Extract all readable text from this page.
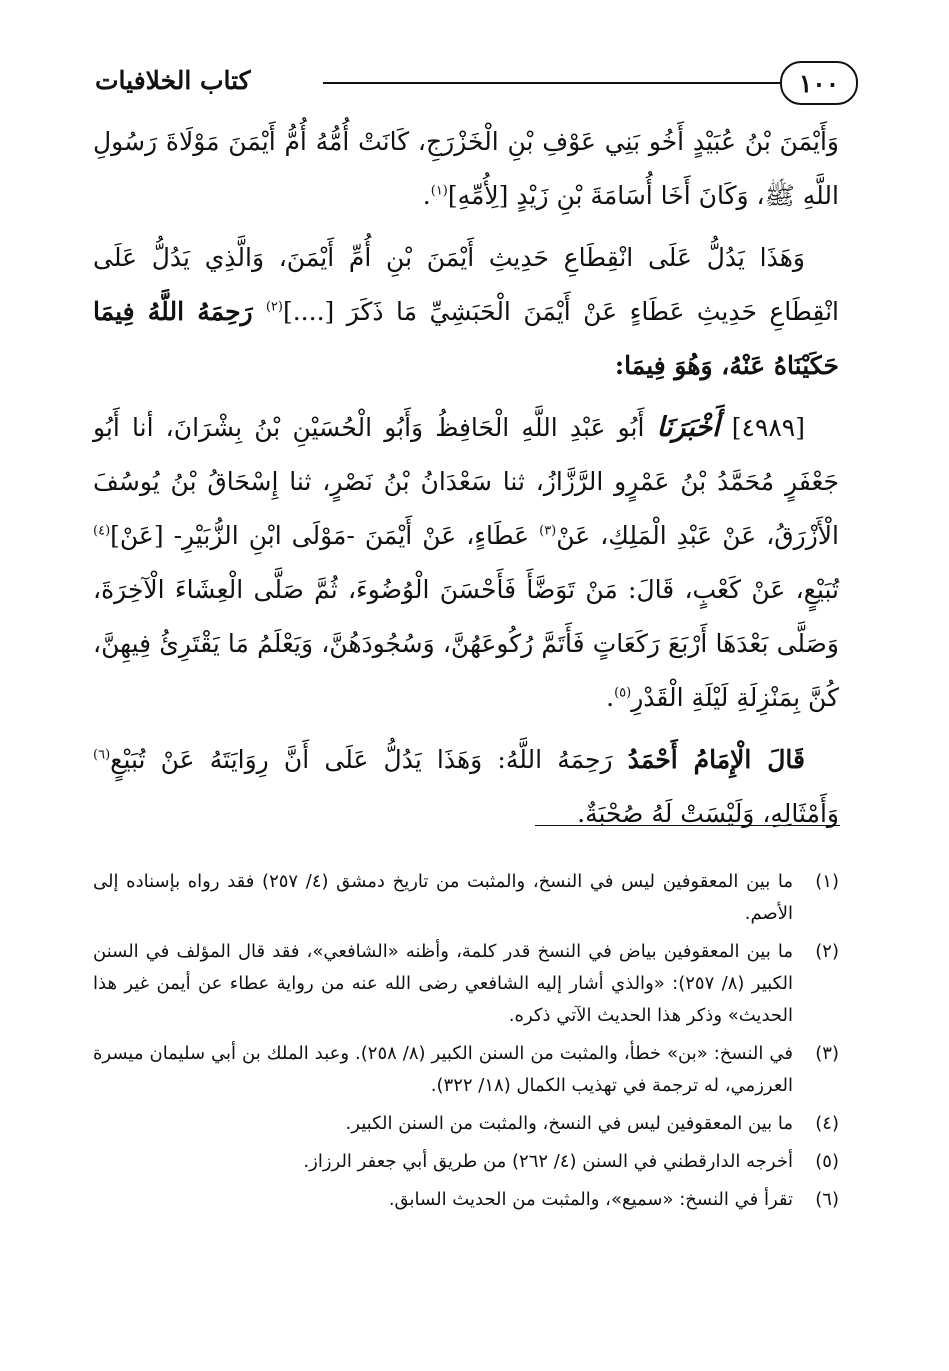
كتاب الخلافيات	١٠٠

وَأَيْمَنَ بْنُ عُبَيْدٍ أَخُو بَنِي عَوْفِ بْنِ الْخَزْرَجِ، كَانَتْ أُمُّهُ أُمُّ أَيْمَنَ مَوْلَاةَ رَسُولِ اللَّهِ ﷺ، وَكَانَ أَخَا أُسَامَةَ بْنِ زَيْدٍ [لِأُمِّهِ]$^{(١)}$.

وَهَذَا يَدُلُّ عَلَى انْقِطَاعِ حَدِيثِ أَيْمَنَ بْنِ أُمِّ أَيْمَنَ، وَالَّذِي يَدُلُّ عَلَى انْقِطَاعِ حَدِيثِ عَطَاءٍ عَنْ أَيْمَنَ الْحَبَشِيِّ مَا ذَكَرَ [....]$^{(٢)}$ رَحِمَهُ اللَّهُ فِيمَا حَكَيْنَاهُ عَنْهُ، وَهُوَ فِيمَا:

[٤٩٨٩] أَخْبَرَنَا أَبُو عَبْدِ اللَّهِ الْحَافِظُ وَأَبُو الْحُسَيْنِ بْنُ بِشْرَانَ، أنا أَبُو جَعْفَرٍ مُحَمَّدُ بْنُ عَمْرٍو الرَّزَّازُ، ثنا سَعْدَانُ بْنُ نَصْرٍ، ثنا إِسْحَاقُ بْنُ يُوسُفَ الْأَزْرَقُ، عَنْ عَبْدِ الْمَلِكِ، عَنْ$^{(٣)}$ عَطَاءٍ، عَنْ أَيْمَنَ -مَوْلَى ابْنِ الزُّبَيْرِ- [عَنْ]$^{(٤)}$ تُبَيْعٍ، عَنْ كَعْبٍ، قَالَ: مَنْ تَوَضَّأَ فَأَحْسَنَ الْوُضُوءَ، ثُمَّ صَلَّى الْعِشَاءَ الْآخِرَةَ، وَصَلَّى بَعْدَهَا أَرْبَعَ رَكَعَاتٍ فَأَتَمَّ رُكُوعَهُنَّ، وَسُجُودَهُنَّ، وَيَعْلَمُ مَا يَقْتَرِئُ فِيهِنَّ، كُنَّ بِمَنْزِلَةِ لَيْلَةِ الْقَدْرِ$^{(٥)}$.

قَالَ الْإِمَامُ أَحْمَدُ رَحِمَهُ اللَّهُ: وَهَذَا يَدُلُّ عَلَى أَنَّ رِوَايَتَهُ عَنْ تُبَيْعٍ$^{(٦)}$ وَأَمْثَالِهِ، وَلَيْسَتْ لَهُ صُحْبَةٌ.

(١)
ما بين المعقوفين ليس في النسخ، والمثبت من تاريخ دمشق (٤/ ٢٥٧) فقد رواه بإسناده إلى الأصم.
(٢)
ما بين المعقوفين بياض في النسخ قدر كلمة، وأظنه «الشافعي»، فقد قال المؤلف في السنن الكبير (٨/ ٢٥٧): «والذي أشار إليه الشافعي رضى الله عنه من رواية عطاء عن أيمن غير هذا الحديث» وذكر هذا الحديث الآتي ذكره.
(٣)
في النسخ: «بن» خطأ، والمثبت من السنن الكبير (٨/ ٢٥٨). وعبد الملك بن أبي سليمان ميسرة العرزمي، له ترجمة في تهذيب الكمال (١٨/ ٣٢٢).
(٤)
ما بين المعقوفين ليس في النسخ، والمثبت من السنن الكبير.
(٥)
أخرجه الدارقطني في السنن (٤/ ٢٦٢) من طريق أبي جعفر الرزاز.
(٦)
تقرأ في النسخ: «سميع»، والمثبت من الحديث السابق.
